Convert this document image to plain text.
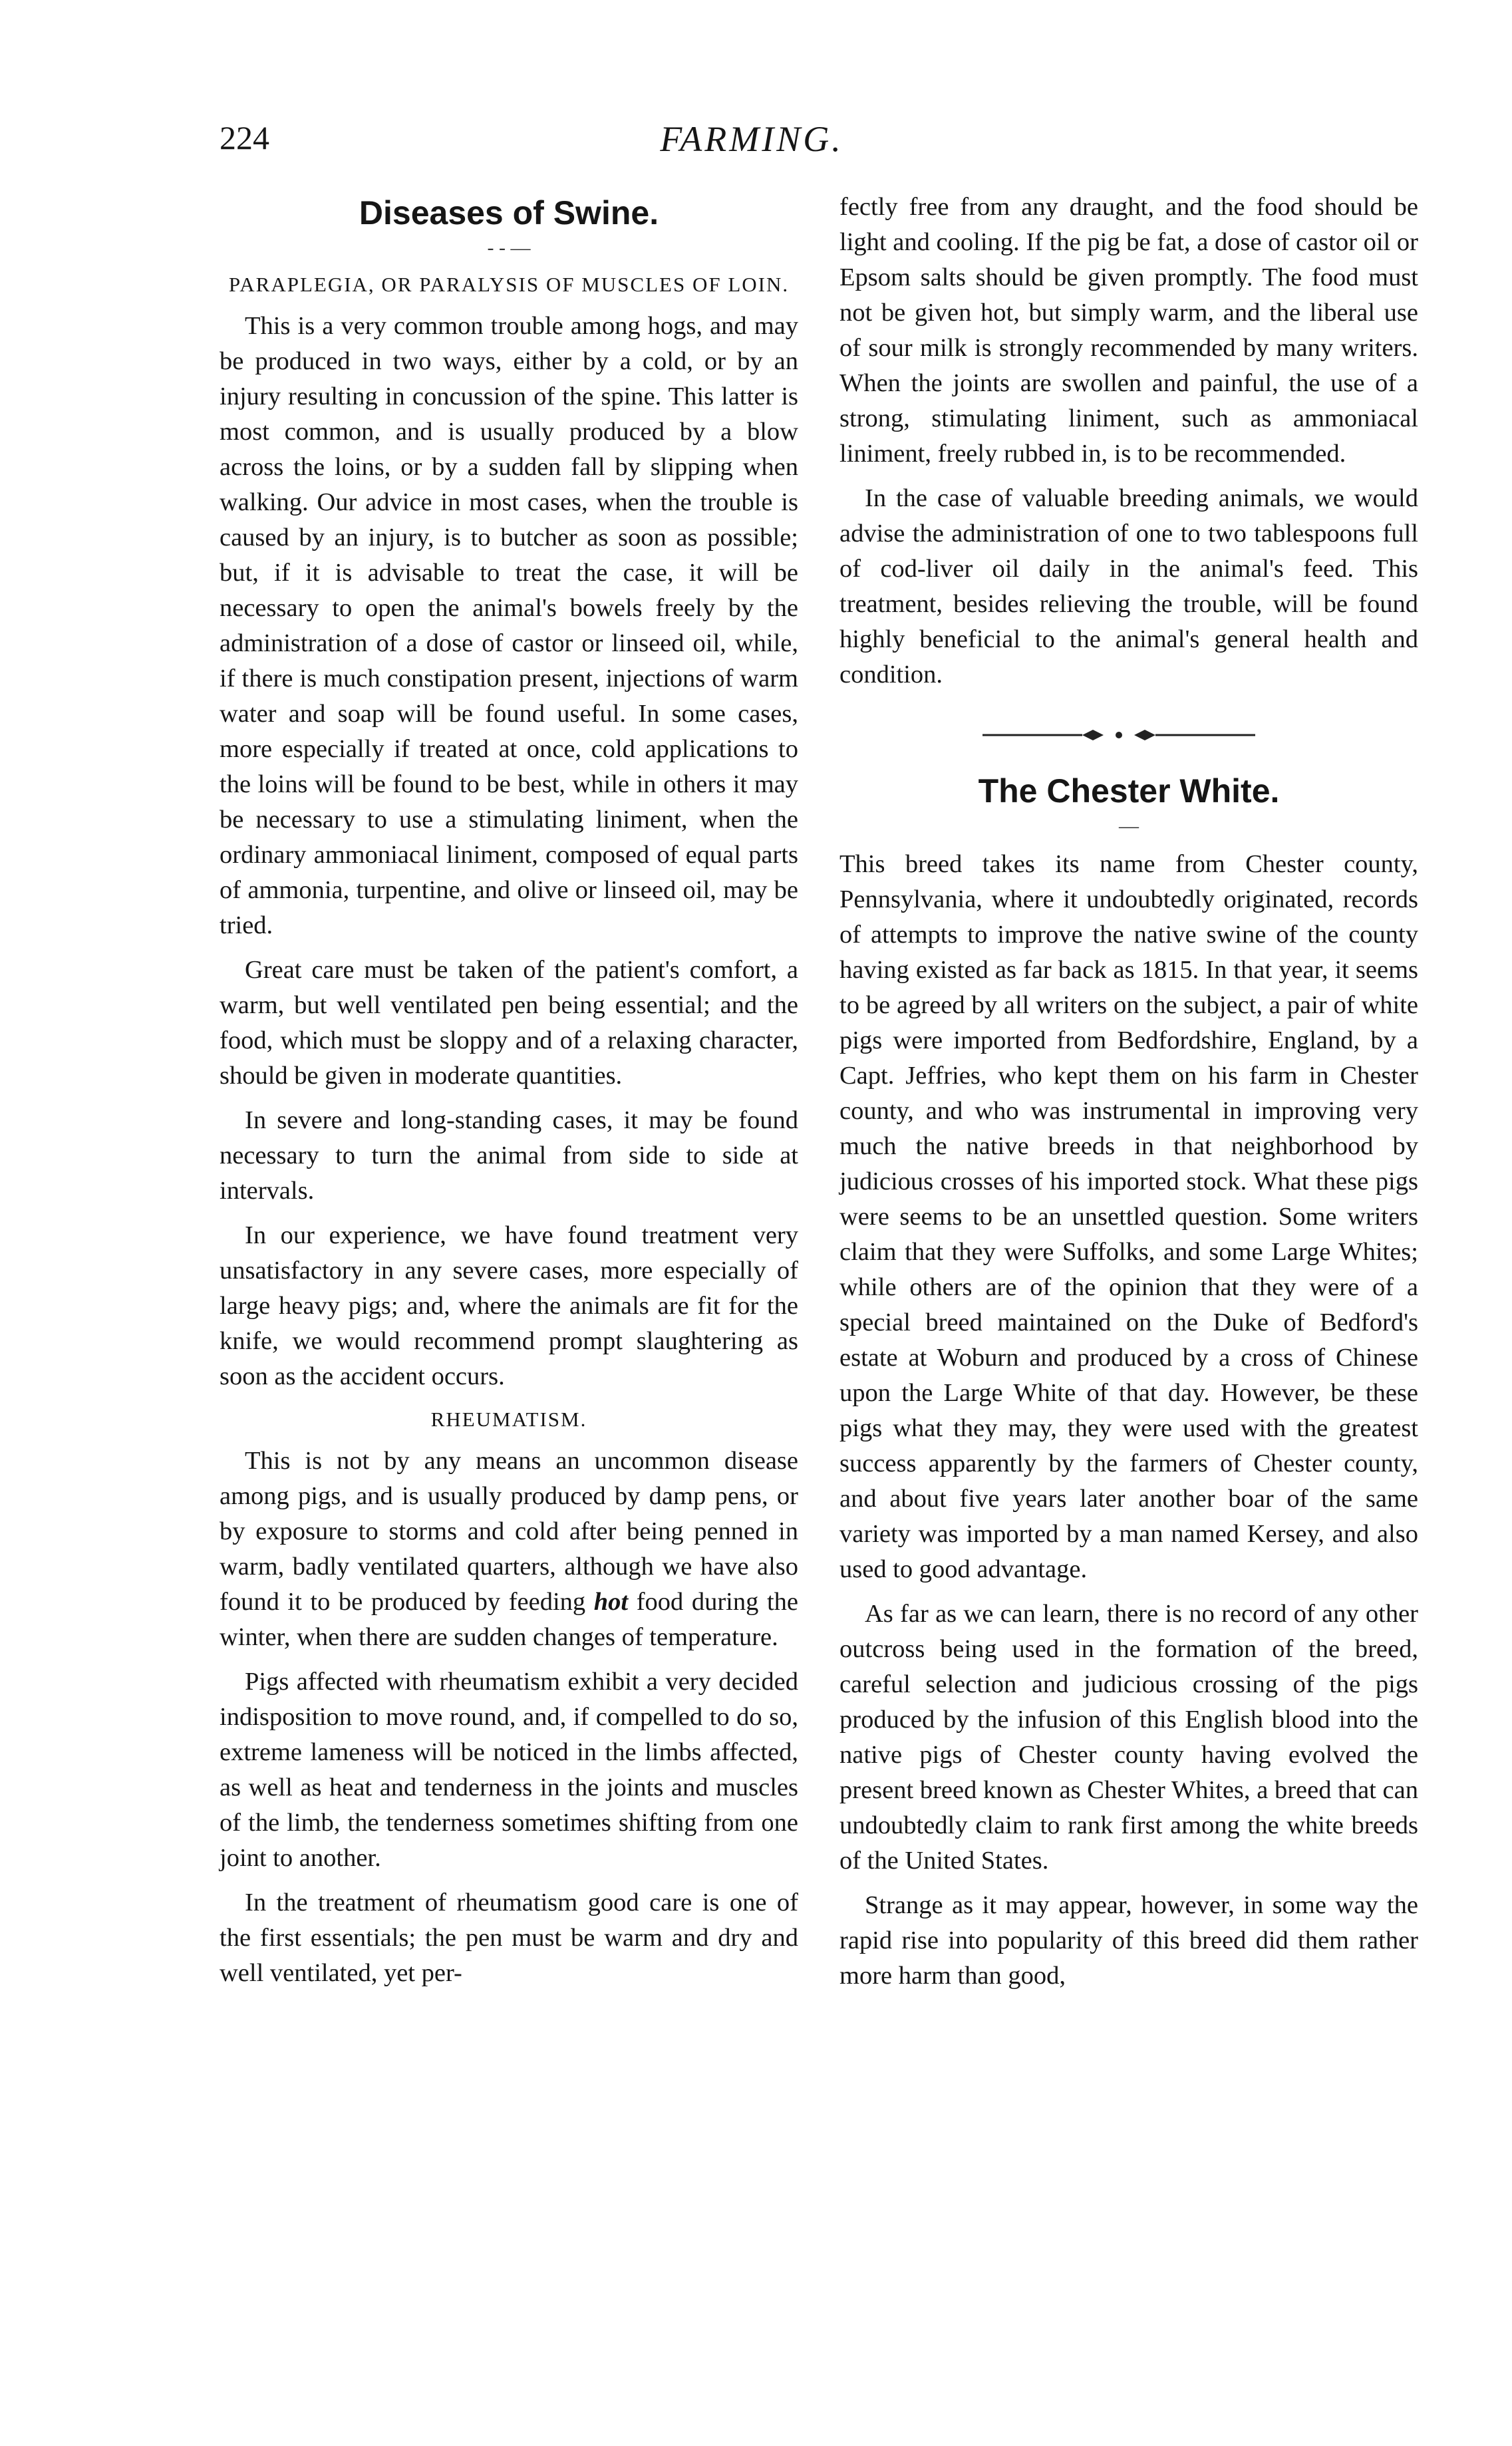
224	FARMING.
Diseases of Swine.
- - —
PARAPLEGIA, OR PARALYSIS OF MUSCLES OF LOIN.

This is a very common trouble among hogs, and may be produced in two ways, either by a cold, or by an injury resulting in concussion of the spine. This latter is most common, and is usually produced by a blow across the loins, or by a sudden fall by slipping when walking. Our advice in most cases, when the trouble is caused by an injury, is to butcher as soon as possible; but, if it is advisable to treat the case, it will be necessary to open the animal's bowels freely by the administration of a dose of castor or linseed oil, while, if there is much constipation present, injections of warm water and soap will be found useful. In some cases, more especially if treated at once, cold applications to the loins will be found to be best, while in others it may be necessary to use a stimulating liniment, when the ordinary ammoniacal liniment, composed of equal parts of ammonia, turpentine, and olive or linseed oil, may be tried.

Great care must be taken of the patient's comfort, a warm, but well ventilated pen being essential; and the food, which must be sloppy and of a relaxing character, should be given in moderate quantities.

In severe and long-standing cases, it may be found necessary to turn the animal from side to side at intervals.

In our experience, we have found treatment very unsatisfactory in any severe cases, more especially of large heavy pigs; and, where the animals are fit for the knife, we would recommend prompt slaughtering as soon as the accident occurs.

RHEUMATISM.

This is not by any means an uncommon disease among pigs, and is usually produced by damp pens, or by exposure to storms and cold after being penned in warm, badly ventilated quarters, although we have also found it to be produced by feeding hot food during the winter, when there are sudden changes of temperature.

Pigs affected with rheumatism exhibit a very decided indisposition to move round, and, if compelled to do so, extreme lameness will be noticed in the limbs affected, as well as heat and tenderness in the joints and muscles of the limb, the tenderness sometimes shifting from one joint to another.

In the treatment of rheumatism good care is one of the first essentials; the pen must be warm and dry and well ventilated, yet per-

fectly free from any draught, and the food should be light and cooling. If the pig be fat, a dose of castor oil or Epsom salts should be given promptly. The food must not be given hot, but simply warm, and the liberal use of sour milk is strongly recommended by many writers. When the joints are swollen and painful, the use of a strong, stimulating liniment, such as ammoniacal liniment, freely rubbed in, is to be recommended.

In the case of valuable breeding animals, we would advise the administration of one to two tablespoons full of cod-liver oil daily in the animal's feed. This treatment, besides relieving the trouble, will be found highly beneficial to the animal's general health and condition.

The Chester White.
—

This breed takes its name from Chester county, Pennsylvania, where it undoubtedly originated, records of attempts to improve the native swine of the county having existed as far back as 1815. In that year, it seems to be agreed by all writers on the subject, a pair of white pigs were imported from Bedfordshire, England, by a Capt. Jeffries, who kept them on his farm in Chester county, and who was instrumental in improving very much the native breeds in that neighborhood by judicious crosses of his imported stock. What these pigs were seems to be an unsettled question. Some writers claim that they were Suffolks, and some Large Whites; while others are of the opinion that they were of a special breed maintained on the Duke of Bedford's estate at Woburn and produced by a cross of Chinese upon the Large White of that day. However, be these pigs what they may, they were used with the greatest success apparently by the farmers of Chester county, and about five years later another boar of the same variety was imported by a man named Kersey, and also used to good advantage.

As far as we can learn, there is no record of any other outcross being used in the formation of the breed, careful selection and judicious crossing of the pigs produced by the infusion of this English blood into the native pigs of Chester county having evolved the present breed known as Chester Whites, a breed that can undoubtedly claim to rank first among the white breeds of the United States.

Strange as it may appear, however, in some way the rapid rise into popularity of this breed did them rather more harm than good,
